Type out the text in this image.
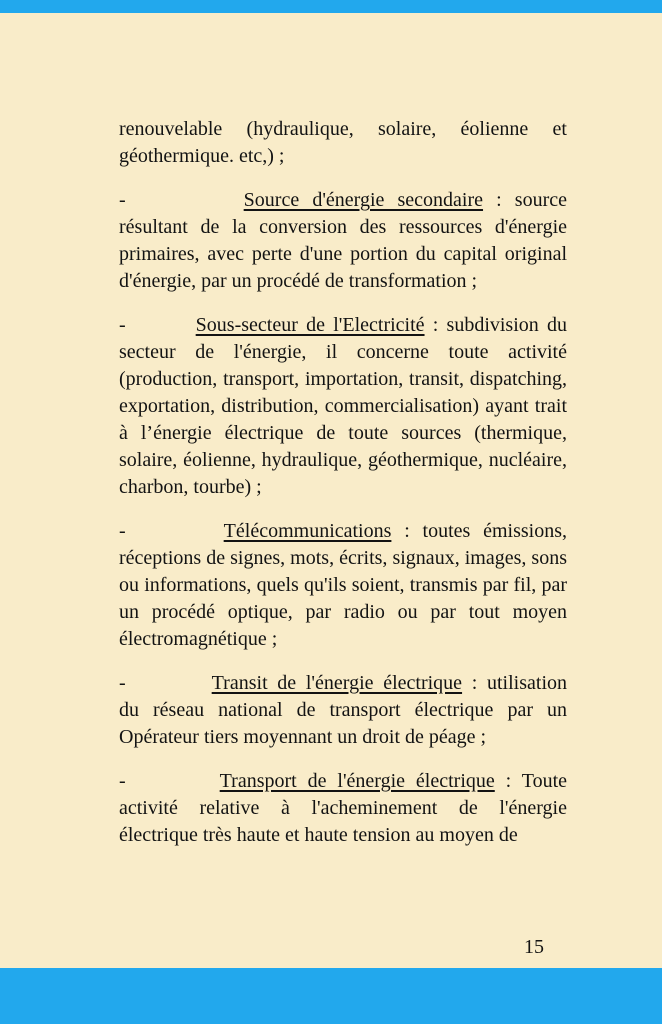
renouvelable (hydraulique, solaire, éolienne et géothermique. etc,) ;

-	Source d'énergie secondaire : source résultant de la conversion des ressources d'énergie primaires, avec perte d'une portion du capital original d'énergie, par un procédé de transformation ;

-	Sous-secteur de l'Electricité : subdivision du secteur de l'énergie, il concerne toute activité (production, transport, importation, transit, dispatching, exportation, distribution, commercialisation) ayant trait à l’énergie électrique de toute sources (thermique, solaire, éolienne, hydraulique, géothermique, nucléaire, charbon, tourbe) ;

-	Télécommunications : toutes émissions, réceptions de signes, mots, écrits, signaux, images, sons ou informations, quels qu'ils soient, transmis par fil, par un procédé optique, par radio ou par tout moyen électromagnétique ;

-	Transit de l'énergie électrique : utilisation du réseau national de transport électrique par un Opérateur tiers moyennant un droit de péage ;

-	Transport de l'énergie électrique : Toute activité relative à l'acheminement de l'énergie électrique très haute et haute tension au moyen de

15
